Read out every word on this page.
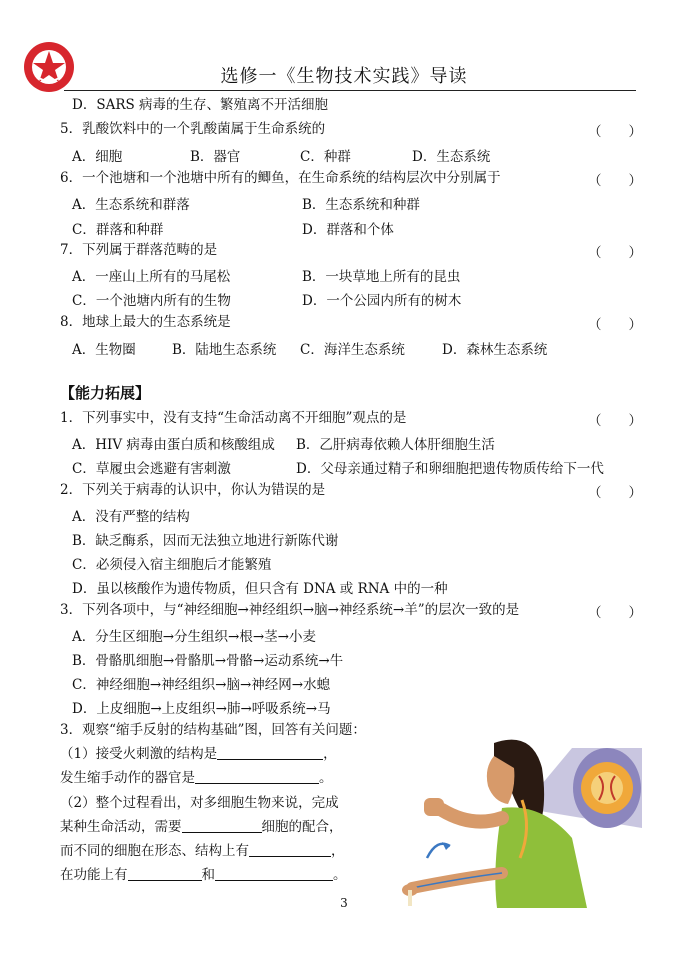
选修一《生物技术实践》导读
D．SARS 病毒的生存、繁殖离不开活细胞
5．乳酸饮料中的一个乳酸菌属于生命系统的	（　　）
A．细胞	B．器官	C．种群	D．生态系统
6．一个池塘和一个池塘中所有的鲫鱼，在生命系统的结构层次中分别属于	（　　）
A．生态系统和群落	B．生态系统和种群
C．群落和种群	D．群落和个体
7．下列属于群落范畴的是	（　　）
A．一座山上所有的马尾松	B．一块草地上所有的昆虫
C．一个池塘内所有的生物	D．一个公园内所有的树木
8．地球上最大的生态系统是	（　　）
A．生物圈	B．陆地生态系统 C．海洋生态系统	D．森林生态系统
【能力拓展】
1．下列事实中，没有支持“生命活动离不开细胞”观点的是	（　　）
A．HIV 病毒由蛋白质和核酸组成 B．乙肝病毒依赖人体肝细胞生活
C．草履虫会逃避有害刺激	D．父母亲通过精子和卵细胞把遗传物质传给下一代
2．下列关于病毒的认识中，你认为错误的是	（　　）
A．没有严整的结构
B．缺乏酶系，因而无法独立地进行新陈代谢
C．必须侵入宿主细胞后才能繁殖
D．虽以核酸作为遗传物质，但只含有 DNA 或 RNA 中的一种
3．下列各项中，与“神经细胞→神经组织→脑→神经系统→羊”的层次一致的是	（　　）
A．分生区细胞→分生组织→根→茎→小麦
B．骨骼肌细胞→骨骼肌→骨骼→运动系统→牛
C．神经细胞→神经组织→脑→神经网→水螅
D．上皮细胞→上皮组织→肺→呼吸系统→马
3．观察“缩手反射的结构基础”图，回答有关问题：
（1）接受火刺激的结构是	，
发生缩手动作的器官是	。
（2）整个过程看出，对多细胞生物来说，完成
某种生命活动，需要	细胞的配合，
而不同的细胞在形态、结构上有	，
在功能上有	和	。
3
